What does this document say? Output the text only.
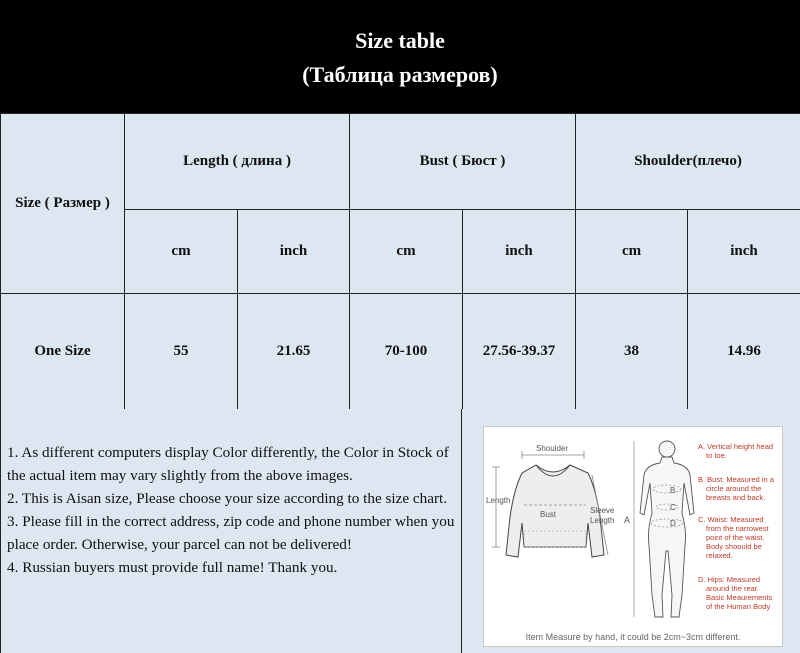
Size table
(Таблица размеров)
Size ( Размер )	Length ( длина )		Bust ( Бюст )		Shoulder(плечо)	
	cm	inch	cm	inch	cm	inch
One Size	55	21.65	70-100	27.56-39.37	38	14.96

1. As different computers display Color differently, the Color in Stock of the actual item may vary slightly from the above images.

2. This is Aisan size, Please choose your size according to the size chart.

3. Please fill in the correct address, zip code and phone number when you place order. Otherwise, your parcel can not be delivered!

4. Russian buyers must provide full name! Thank you.

Shoulder
Length
Bust	Sleeve
Length
B
C
D
A
A. Vertical height head
to toe.
B. Bust: Measured in a
circle around the
breasts and back.
C. Waist: Measured
from the narrowest
point of the waist.
Body shoould be
relaxed.
D. Hips: Measured
around the rear.
Basic Meaurements
of the Human Body
Item Measure by hand, it could be 2cm~3cm different.
